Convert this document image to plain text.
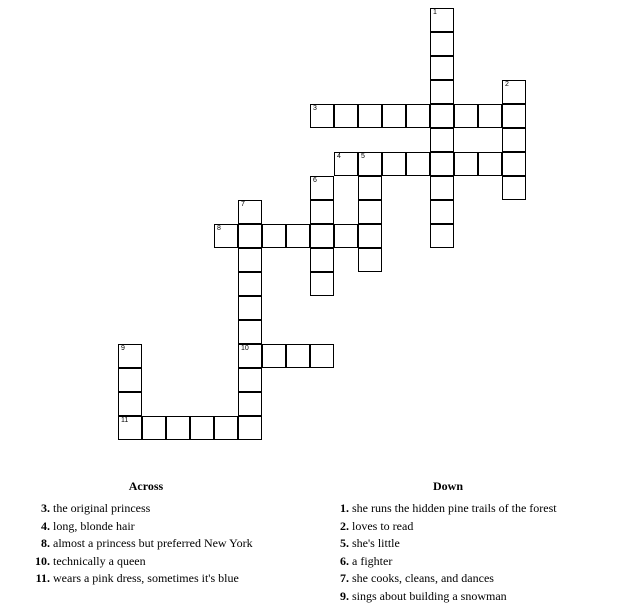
1
2
3
4	5
6
7
10
8
9
11
Across
3. the original princess
4. long, blonde hair
8. almost a princess but preferred New York
10. technically a queen
11. wears a pink dress, sometimes it's blue
Down
1. she runs the hidden pine trails of the forest
2. loves to read
5. she's little
6. a fighter
7. she cooks, cleans, and dances
9. sings about building a snowman
